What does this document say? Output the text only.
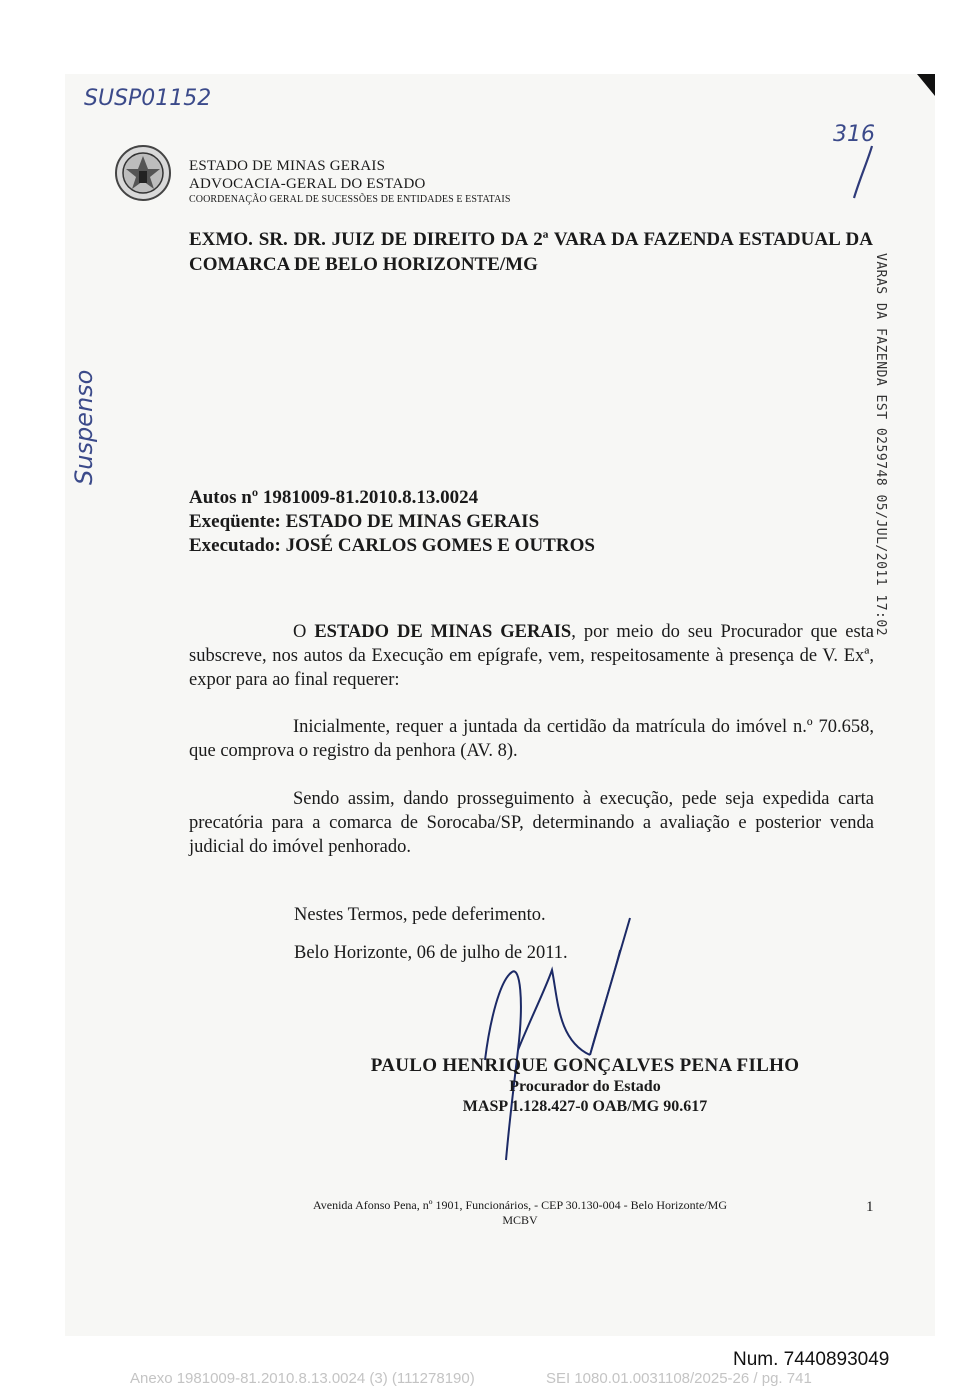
SUSP01152
316
Suspenso
ESTADO DE MINAS GERAIS
ADVOCACIA-GERAL DO ESTADO
COORDENAÇÃO GERAL DE SUCESSÕES DE ENTIDADES E ESTATAIS
EXMO. SR. DR. JUIZ DE DIREITO DA 2ª VARA DA FAZENDA ESTADUAL DA COMARCA DE BELO HORIZONTE/MG	VARAS DA FAZENDA EST 0259748 05/JUL/2011 17:02
Autos nº 1981009-81.2010.8.13.0024
Exeqüente: ESTADO DE MINAS GERAIS
Executado: JOSÉ CARLOS GOMES E OUTROS
O ESTADO DE MINAS GERAIS, por meio do seu Procurador que esta subscreve, nos autos da Execução em epígrafe, vem, respeitosamente à presença de V. Exª, expor para ao final requerer:
Inicialmente, requer a juntada da certidão da matrícula do imóvel n.º 70.658, que comprova o registro da penhora (AV. 8).
Sendo assim, dando prosseguimento à execução, pede seja expedida carta precatória para a comarca de Sorocaba/SP, determinando a avaliação e posterior venda judicial do imóvel penhorado.
Nestes Termos, pede deferimento.
Belo Horizonte, 06 de julho de 2011.
PAULO HENRIQUE GONÇALVES PENA FILHO
Procurador do Estado
MASP 1.128.427-0 OAB/MG 90.617
Avenida Afonso Pena, nº 1901, Funcionários, - CEP 30.130-004 - Belo Horizonte/MG
MCBV
1
Num. 7440893049
Anexo 1981009-81.2010.8.13.0024 (3) (111278190)	SEI 1080.01.0031108/2025-26 / pg. 741
